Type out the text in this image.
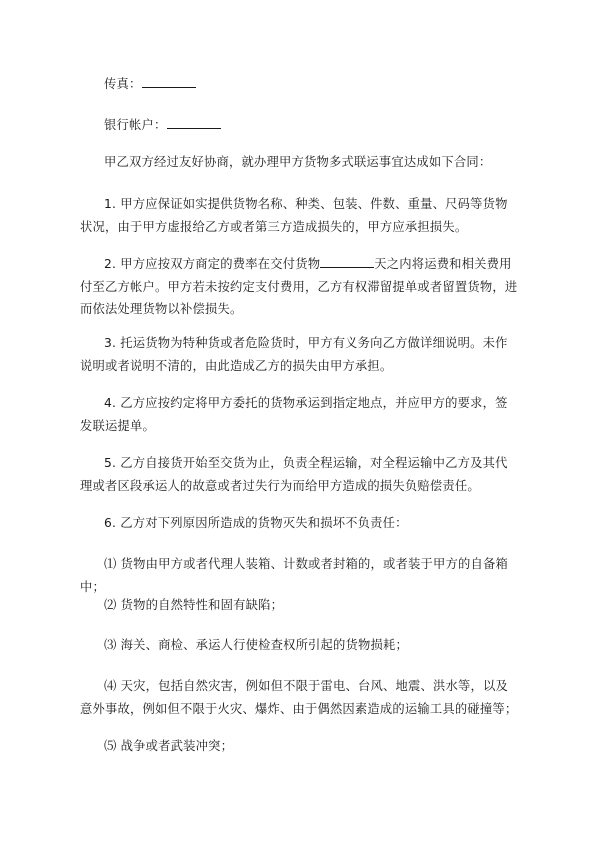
传真：

银行帐户：

甲乙双方经过友好协商，就办理甲方货物多式联运事宜达成如下合同：

1. 甲方应保证如实提供货物名称、种类、包装、件数、重量、尺码等货物状况，由于甲方虚报给乙方或者第三方造成损失的，甲方应承担损失。

2. 甲方应按双方商定的费率在交付货物	天之内将运费和相关费用付至乙方帐户。甲方若未按约定支付费用，乙方有权滞留提单或者留置货物，进而依法处理货物以补偿损失。

3. 托运货物为特种货或者危险货时，甲方有义务向乙方做详细说明。未作说明或者说明不清的，由此造成乙方的损失由甲方承担。

4. 乙方应按约定将甲方委托的货物承运到指定地点，并应甲方的要求，签发联运提单。

5. 乙方自接货开始至交货为止，负责全程运输，对全程运输中乙方及其代理或者区段承运人的故意或者过失行为而给甲方造成的损失负赔偿责任。

6. 乙方对下列原因所造成的货物灭失和损坏不负责任：

⑴ 货物由甲方或者代理人装箱、计数或者封箱的，或者装于甲方的自备箱中；

⑵ 货物的自然特性和固有缺陷；

⑶ 海关、商检、承运人行使检查权所引起的货物损耗；

⑷ 天灾，包括自然灾害，例如但不限于雷电、台风、地震、洪水等，以及意外事故，例如但不限于火灾、爆炸、由于偶然因素造成的运输工具的碰撞等；

⑸ 战争或者武装冲突；
